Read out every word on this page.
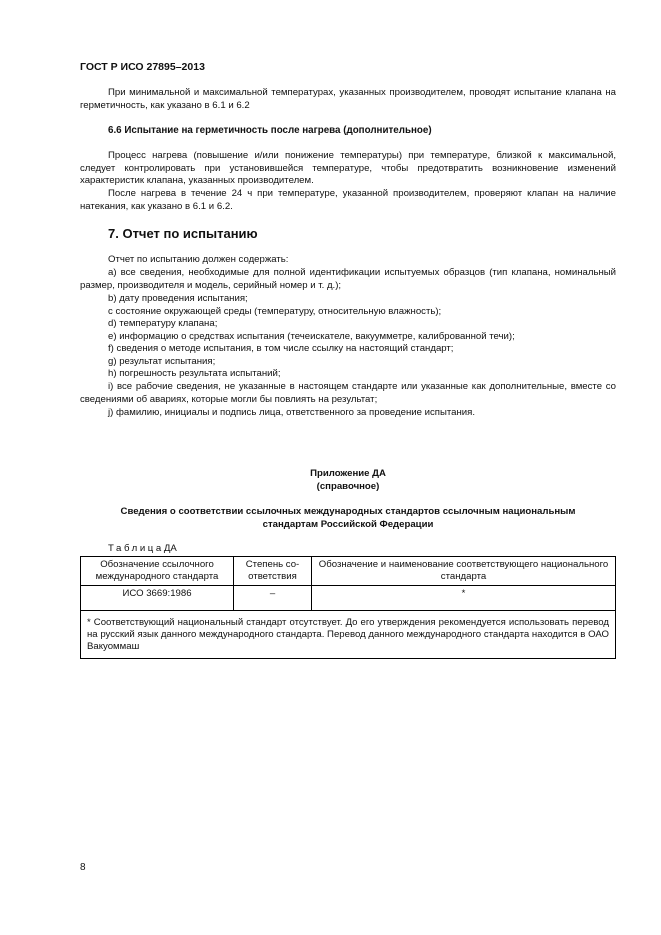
ГОСТ Р ИСО 27895–2013
При минимальной и максимальной температурах, указанных производителем, проводят испытание клапана на герметичность, как указано в 6.1 и 6.2
6.6 Испытание на герметичность после нагрева (дополнительное)
Процесс нагрева (повышение и/или понижение температуры) при температуре, близкой к максимальной, следует контролировать при установившейся температуре, чтобы предотвратить возникновение изменений характеристик клапана, указанных производителем.
После нагрева в течение 24 ч при температуре, указанной производителем, проверяют клапан на наличие натекания, как указано в 6.1 и 6.2.
7. Отчет по испытанию
Отчет по испытанию должен содержать:
a) все сведения, необходимые для полной идентификации испытуемых образцов (тип клапана, номинальный размер, производителя и модель, серийный номер и т. д.);
b) дату проведения испытания;
c состояние окружающей среды (температуру, относительную влажность);
d) температуру клапана;
e) информацию о средствах испытания (течеискателе, вакуумметре, калиброванной течи);
f) сведения о методе испытания, в том числе ссылку на настоящий стандарт;
g) результат испытания;
h) погрешность результата испытаний;
i) все рабочие сведения, не указанные в настоящем стандарте или указанные как дополнительные, вместе со сведениями об авариях, которые могли бы повлиять на результат;
j) фамилию, инициалы и подпись лица, ответственного за проведение испытания.
Приложение ДА
(справочное)
Сведения о соответствии ссылочных международных стандартов ссылочным национальным
стандартам Российской Федерации
ТаблицаДА
Обозначение ссылочного международного стандарта	Степень соответствия	Обозначение и наименование соответствующего национального стандарта
ИСО 3669:1986	–	*
* Соответствующий национальный стандарт отсутствует. До его утверждения рекомендуется использовать перевод на русский язык данного международного стандарта. Перевод данного международного стандарта находится в ОАО Вакуоммаш		
8
